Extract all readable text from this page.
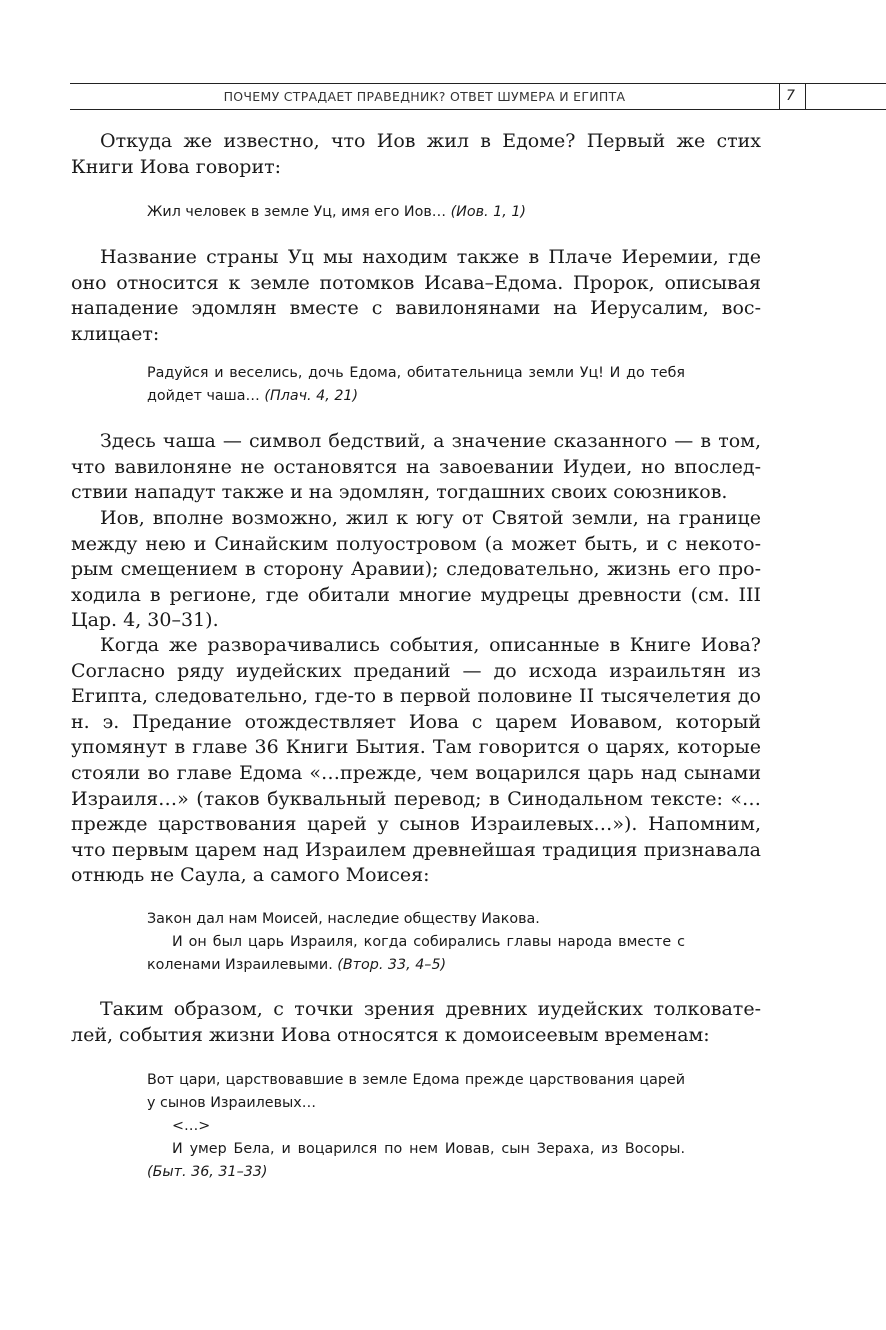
ПОЧЕМУ СТРАДАЕТ ПРАВЕДНИК? ОТВЕТ ШУМЕРА И ЕГИПТА	7

Откуда же известно, что Иов жил в Едоме? Первый же стих Книги Иова говорит:

Жил человек в земле Уц, имя его Иов… (Иов. 1, 1)

Название страны Уц мы находим также в Плаче Иеремии, где оно относится к земле потомков Исава–Едома. Пророк, описывая нападение эдомлян вместе с вавилонянами на Иерусалим, восклицает:

Радуйся и веселись, дочь Едома, обитательница земли Уц! И до тебя дойдет чаша… (Плач. 4, 21)

Здесь чаша — символ бедствий, а значение сказанного — в том, что вавилоняне не остановятся на завоевании Иудеи, но впоследствии нападут также и на эдомлян, тогдашних своих союзников.

Иов, вполне возможно, жил к югу от Святой земли, на границе между нею и Синайским полуостровом (а может быть, и с некоторым смещением в сторону Аравии); следовательно, жизнь его проходила в регионе, где обитали многие мудрецы древности (см. III Цар. 4, 30–31).

Когда же разворачивались события, описанные в Книге Иова? Согласно ряду иудейских преданий — до исхода израильтян из Египта, следовательно, где-то в первой половине II тысячелетия до н. э. Предание отождествляет Иова с царем Иовавом, который упомянут в главе 36 Книги Бытия. Там говорится о царях, которые стояли во главе Едома «…прежде, чем воцарился царь над сынами Израиля…» (таков буквальный перевод; в Синодальном тексте: «…прежде царствования царей у сынов Израилевых…»). Напомним, что первым царем над Израилем древнейшая традиция признавала отнюдь не Саула, а самого Моисея:

Закон дал нам Моисей, наследие обществу Иакова.

И он был царь Израиля, когда собирались главы народа вместе с коленами Израилевыми. (Втор. 33, 4–5)

Таким образом, с точки зрения древних иудейских толкователей, события жизни Иова относятся к домоисеевым временам:

Вот цари, царствовавшие в земле Едома прежде царствования царей у сынов Израилевых…

<…>

И умер Бела, и воцарился по нем Иовав, сын Зераха, из Восоры. (Быт. 36, 31–33)
